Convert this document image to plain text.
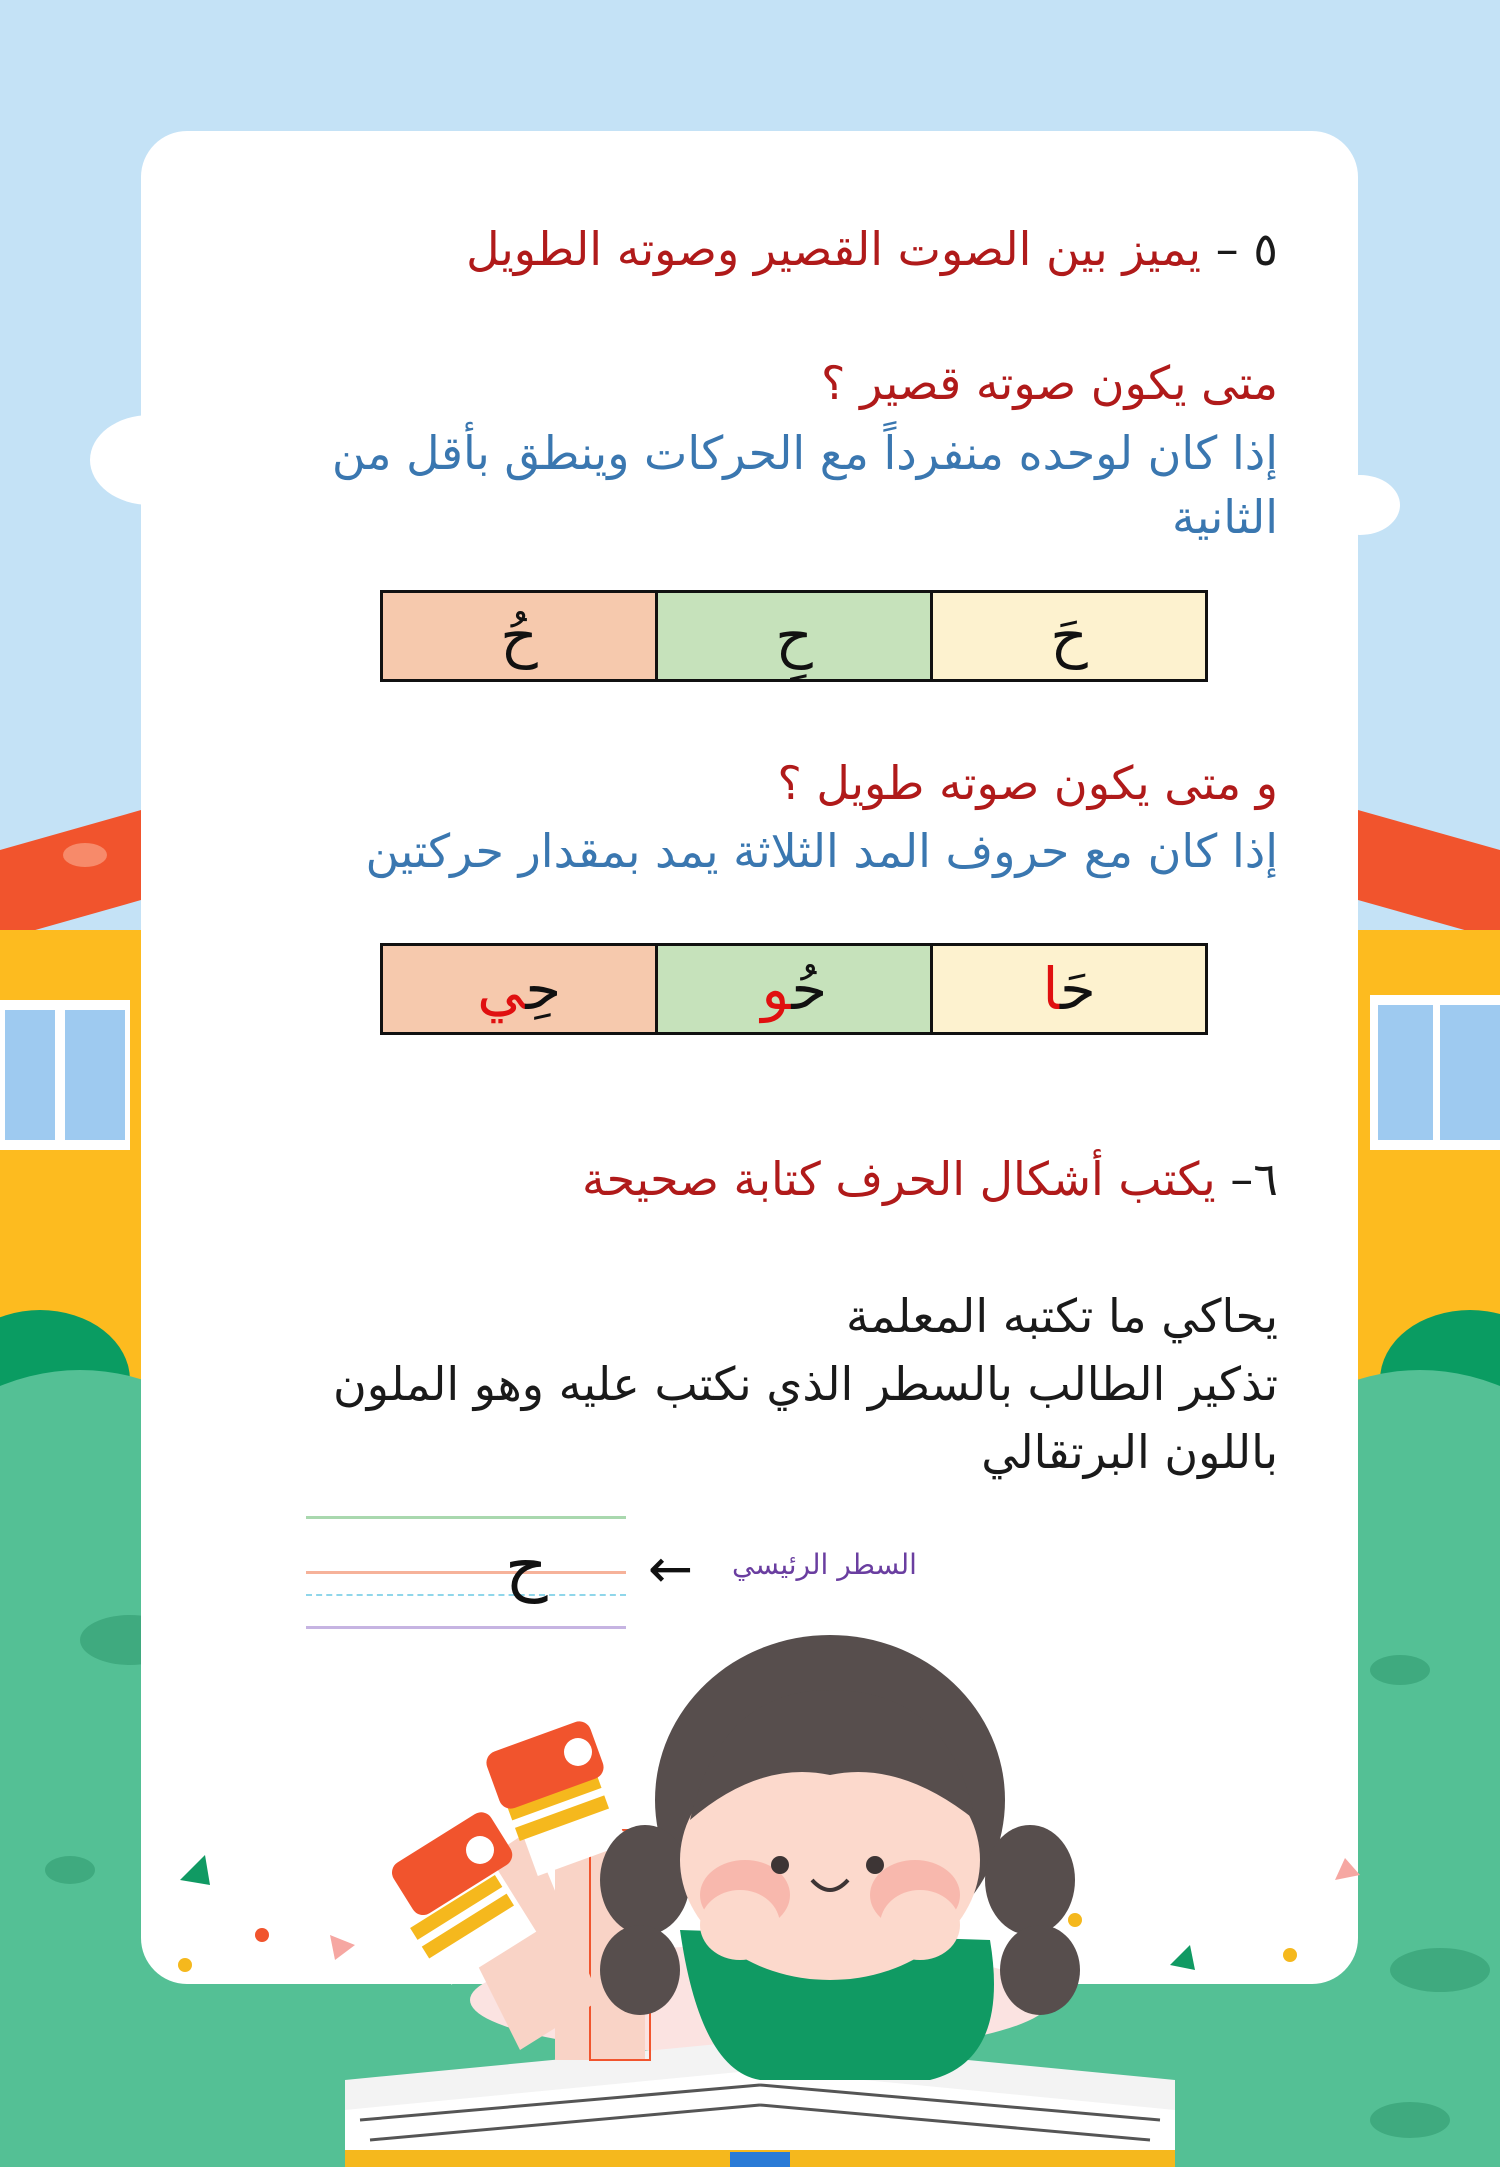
٥ – يميز بين الصوت القصير وصوته الطويل
متى يكون صوته قصير ؟
إذا كان لوحده منفرداً مع الحركات وينطق بأقل من
الثانية
حَ	حِ	حُ
و متى يكون صوته طويل ؟
إذا كان مع حروف المد الثلاثة يمد بمقدار حركتين
حَا	حُو	حِي
٦– يكتب أشكال الحرف كتابة صحيحة
يحاكي ما تكتبه المعلمة
تذكير الطالب بالسطر الذي نكتب عليه وهو الملون
باللون البرتقالي
ح ← السطر الرئيسي
